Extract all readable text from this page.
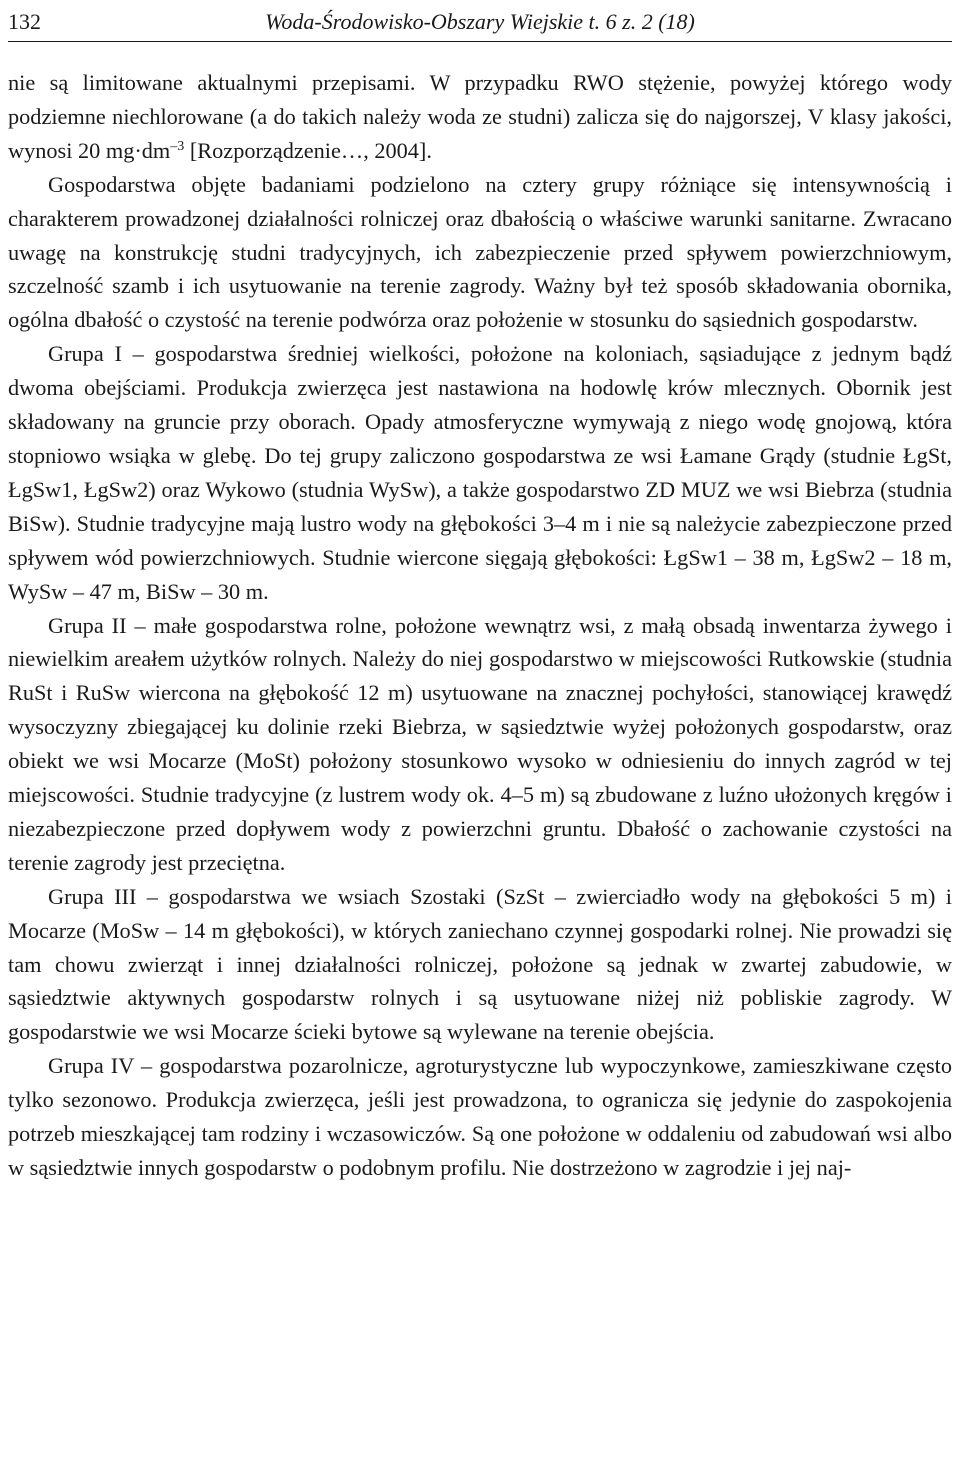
132	Woda-Środowisko-Obszary Wiejskie t. 6 z. 2 (18)

nie są limitowane aktualnymi przepisami. W przypadku RWO stężenie, powyżej którego wody podziemne niechlorowane (a do takich należy woda ze studni) zalicza się do najgorszej, V klasy jakości, wynosi 20 $mg\cdot dm^{-3}$ [Rozporządzenie…, 2004].

Gospodarstwa objęte badaniami podzielono na cztery grupy różniące się intensywnością i charakterem prowadzonej działalności rolniczej oraz dbałością o właściwe warunki sanitarne. Zwracano uwagę na konstrukcję studni tradycyjnych, ich zabezpieczenie przed spływem powierzchniowym, szczelność szamb i ich usytuowanie na terenie zagrody. Ważny był też sposób składowania obornika, ogólna dbałość o czystość na terenie podwórza oraz położenie w stosunku do sąsiednich gospodarstw.

Grupa I – gospodarstwa średniej wielkości, położone na koloniach, sąsiadujące z jednym bądź dwoma obejściami. Produkcja zwierzęca jest nastawiona na hodowlę krów mlecznych. Obornik jest składowany na gruncie przy oborach. Opady atmosferyczne wymywają z niego wodę gnojową, która stopniowo wsiąka w glebę. Do tej grupy zaliczono gospodarstwa ze wsi Łamane Grądy (studnie ŁgSt, ŁgSw1, ŁgSw2) oraz Wykowo (studnia WySw), a także gospodarstwo ZD MUZ we wsi Biebrza (studnia BiSw). Studnie tradycyjne mają lustro wody na głębokości 3–4 m i nie są należycie zabezpieczone przed spływem wód powierzchniowych. Studnie wiercone sięgają głębokości: ŁgSw1 – 38 m, ŁgSw2 – 18 m, WySw – 47 m, BiSw – 30 m.

Grupa II – małe gospodarstwa rolne, położone wewnątrz wsi, z małą obsadą inwentarza żywego i niewielkim areałem użytków rolnych. Należy do niej gospodarstwo w miejscowości Rutkowskie (studnia RuSt i RuSw wiercona na głębokość 12 m) usytuowane na znacznej pochyłości, stanowiącej krawędź wysoczyzny zbiegającej ku dolinie rzeki Biebrza, w sąsiedztwie wyżej położonych gospodarstw, oraz obiekt we wsi Mocarze (MoSt) położony stosunkowo wysoko w odniesieniu do innych zagród w tej miejscowości. Studnie tradycyjne (z lustrem wody ok. 4–5 m) są zbudowane z luźno ułożonych kręgów i niezabezpieczone przed dopływem wody z powierzchni gruntu. Dbałość o zachowanie czystości na terenie zagrody jest przeciętna.

Grupa III – gospodarstwa we wsiach Szostaki (SzSt – zwierciadło wody na głębokości 5 m) i Mocarze (MoSw – 14 m głębokości), w których zaniechano czynnej gospodarki rolnej. Nie prowadzi się tam chowu zwierząt i innej działalności rolniczej, położone są jednak w zwartej zabudowie, w sąsiedztwie aktywnych gospodarstw rolnych i są usytuowane niżej niż pobliskie zagrody. W gospodarstwie we wsi Mocarze ścieki bytowe są wylewane na terenie obejścia.

Grupa IV – gospodarstwa pozarolnicze, agroturystyczne lub wypoczynkowe, zamieszkiwane często tylko sezonowo. Produkcja zwierzęca, jeśli jest prowadzona, to ogranicza się jedynie do zaspokojenia potrzeb mieszkającej tam rodziny i wczasowiczów. Są one położone w oddaleniu od zabudowań wsi albo w sąsiedztwie innych gospodarstw o podobnym profilu. Nie dostrzeżono w zagrodzie i jej naj-
